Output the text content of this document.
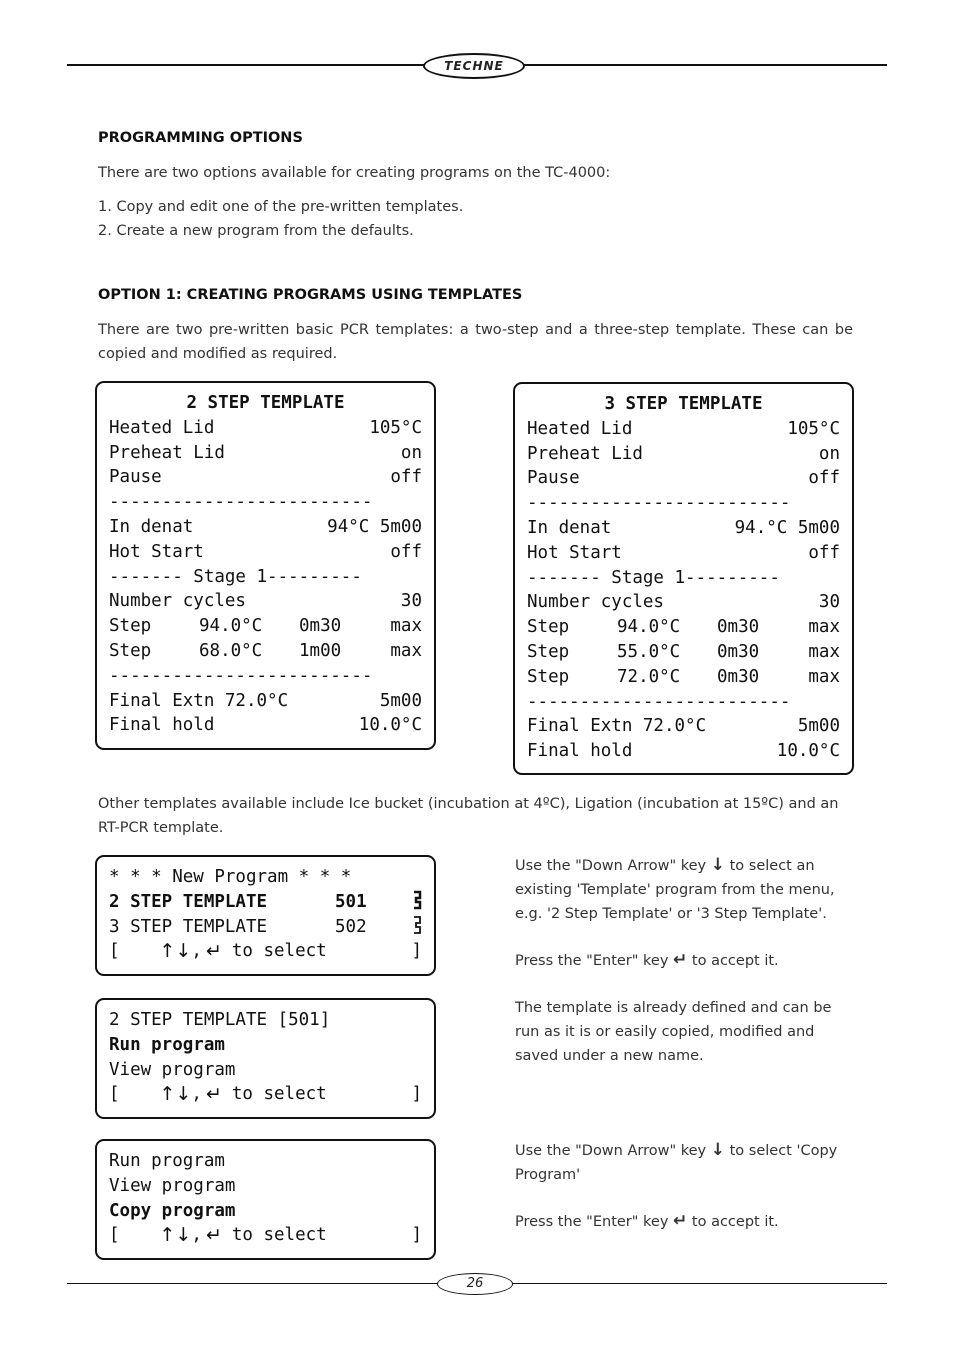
TECHNE
PROGRAMMING OPTIONS

There are two options available for creating programs on the TC-4000:

1. Copy and edit one of the pre-written templates.

2. Create a new program from the defaults.

OPTION 1: CREATING PROGRAMS USING TEMPLATES

There are two pre-written basic PCR templates: a two-step and a three-step template. These can be copied and modified as required.

2 STEP TEMPLATE
Heated Lid	105°C
Preheat Lid	on
Pause	off
-------------------------
In denat	94°C 5m00
Hot Start	off
------- Stage 1---------
Number cycles	30
Step	94.0°C	0m30	max
Step	68.0°C	1m00	max
-------------------------
Final Extn 72.0°C	5m00
Final hold	10.0°C
3 STEP TEMPLATE
Heated Lid	105°C
Preheat Lid	on
Pause	off
-------------------------
In denat	94.°C 5m00
Hot Start	off
------- Stage 1---------
Number cycles	30
Step	94.0°C	0m30	max
Step	55.0°C	0m30	max
Step	72.0°C	0m30	max
-------------------------
Final Extn 72.0°C	5m00
Final hold	10.0°C

Other templates available include Ice bucket (incubation at 4ºC), Ligation (incubation at 15ºC) and an RT-PCR template.

* * * New Program * * *
2 STEP TEMPLATE	501
3 STEP TEMPLATE	502
[ ↑ ↓ , ↵ to select	]
2 STEP TEMPLATE [501]
Run program
View program
[ ↑ ↓ , ↵ to select	]
Run program
View program
Copy program
[ ↑ ↓ , ↵ to select	]

Use the "Down Arrow" key ↓ to select an existing 'Template' program from the menu, e.g. '2 Step Template' or '3 Step Template'.

Press the "Enter" key ↵ to accept it.

The template is already defined and can be run as it is or easily copied, modified and saved under a new name.

Use the "Down Arrow" key ↓ to select 'Copy Program'

Press the "Enter" key ↵ to accept it.

26
